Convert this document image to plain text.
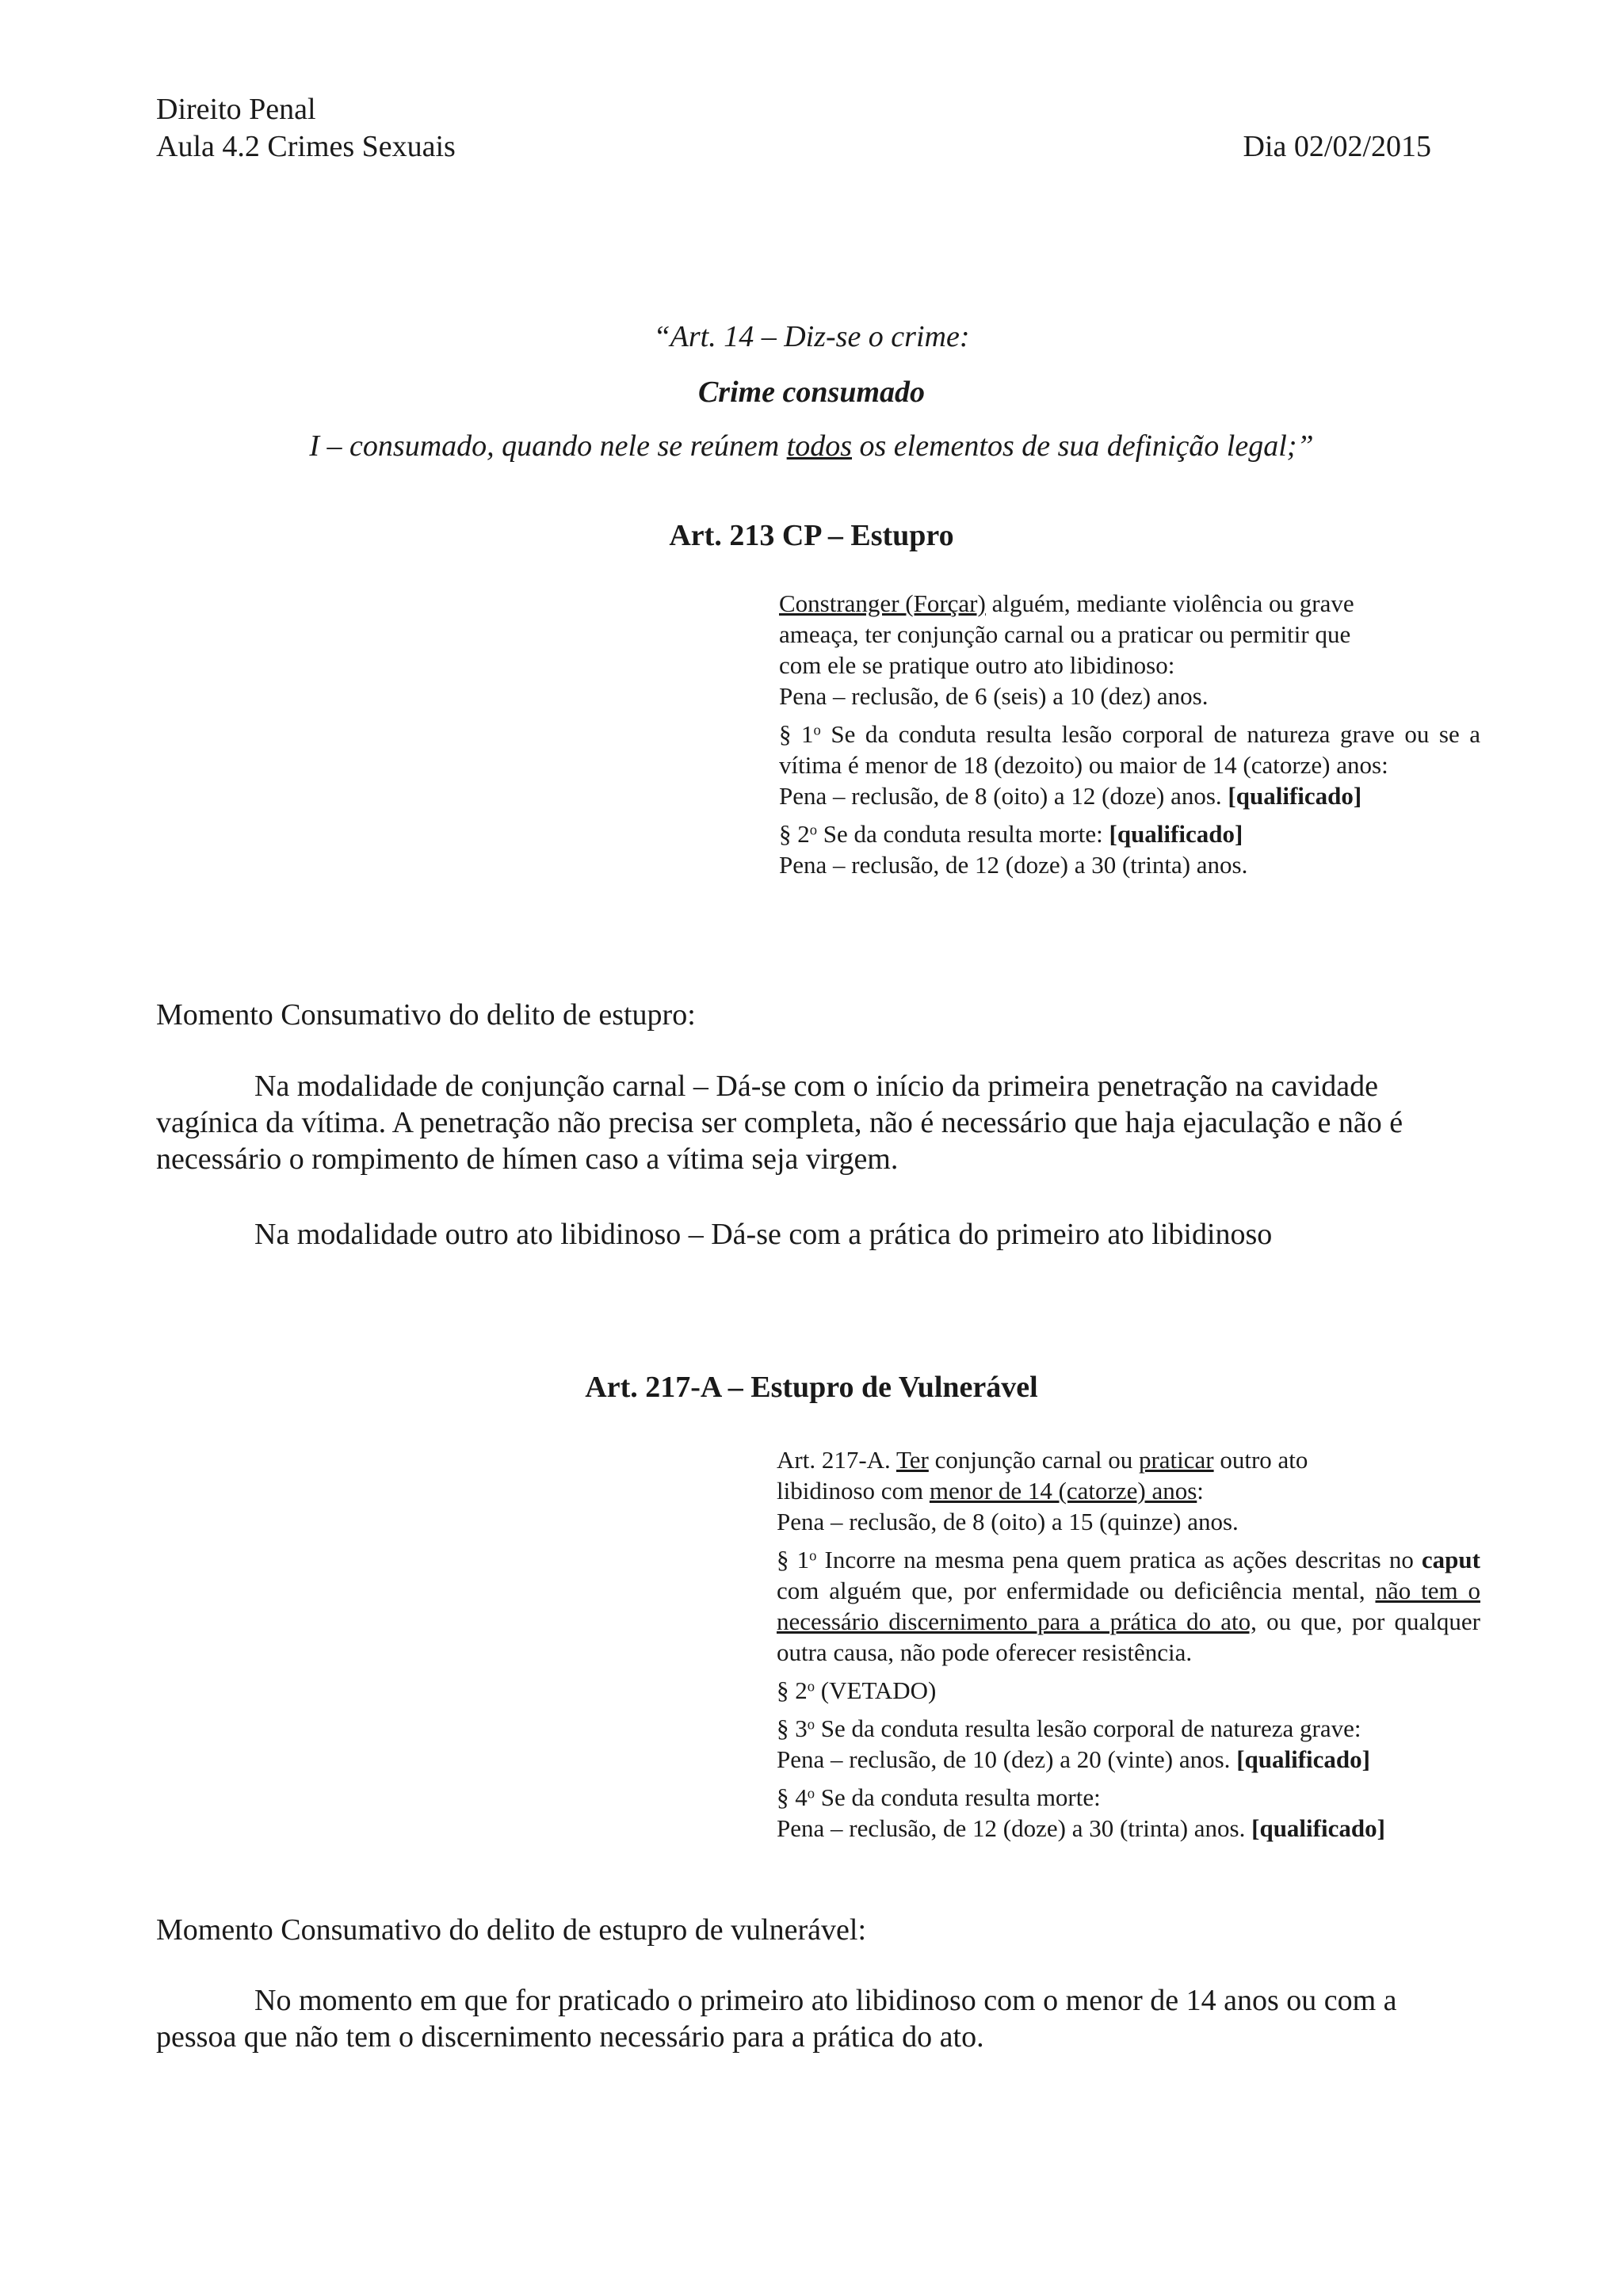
Direito Penal
Aula 4.2 Crimes Sexuais	Dia 02/02/2015
“Art. 14 – Diz-se o crime:
Crime consumado
I – consumado, quando nele se reúnem todos os elementos de sua definição legal;”
Art. 213 CP – Estupro

Constranger (Forçar) alguém, mediante violência ou grave

ameaça, ter conjunção carnal ou a praticar ou permitir que

com ele se pratique outro ato libidinoso:

Pena – reclusão, de 6 (seis) a 10 (dez) anos.

§ 1$^o$ Se da conduta resulta lesão corporal de natureza grave ou se a vítima é menor de 18 (dezoito) ou maior de 14 (catorze) anos:

Pena – reclusão, de 8 (oito) a 12 (doze) anos. [qualificado]

§ 2$^o$ Se da conduta resulta morte: [qualificado]

Pena – reclusão, de 12 (doze) a 30 (trinta) anos.

Momento Consumativo do delito de estupro:
Na modalidade de conjunção carnal – Dá-se com o início da primeira penetração na cavidade vagínica da vítima. A penetração não precisa ser completa, não é necessário que haja ejaculação e não é necessário o rompimento de hímen caso a vítima seja virgem.
Na modalidade outro ato libidinoso – Dá-se com a prática do primeiro ato libidinoso
Art. 217-A – Estupro de Vulnerável

Art. 217-A. Ter conjunção carnal ou praticar outro ato

libidinoso com menor de 14 (catorze) anos:

Pena – reclusão, de 8 (oito) a 15 (quinze) anos.

§ 1$^o$ Incorre na mesma pena quem pratica as ações descritas no caput com alguém que, por enfermidade ou deficiência mental, não tem o necessário discernimento para a prática do ato, ou que, por qualquer outra causa, não pode oferecer resistência.

§ 2$^o$ (VETADO)

§ 3$^o$ Se da conduta resulta lesão corporal de natureza grave:

Pena – reclusão, de 10 (dez) a 20 (vinte) anos. [qualificado]

§ 4$^o$ Se da conduta resulta morte:

Pena – reclusão, de 12 (doze) a 30 (trinta) anos. [qualificado]

Momento Consumativo do delito de estupro de vulnerável:
No momento em que for praticado o primeiro ato libidinoso com o menor de 14 anos ou com a pessoa que não tem o discernimento necessário para a prática do ato.
